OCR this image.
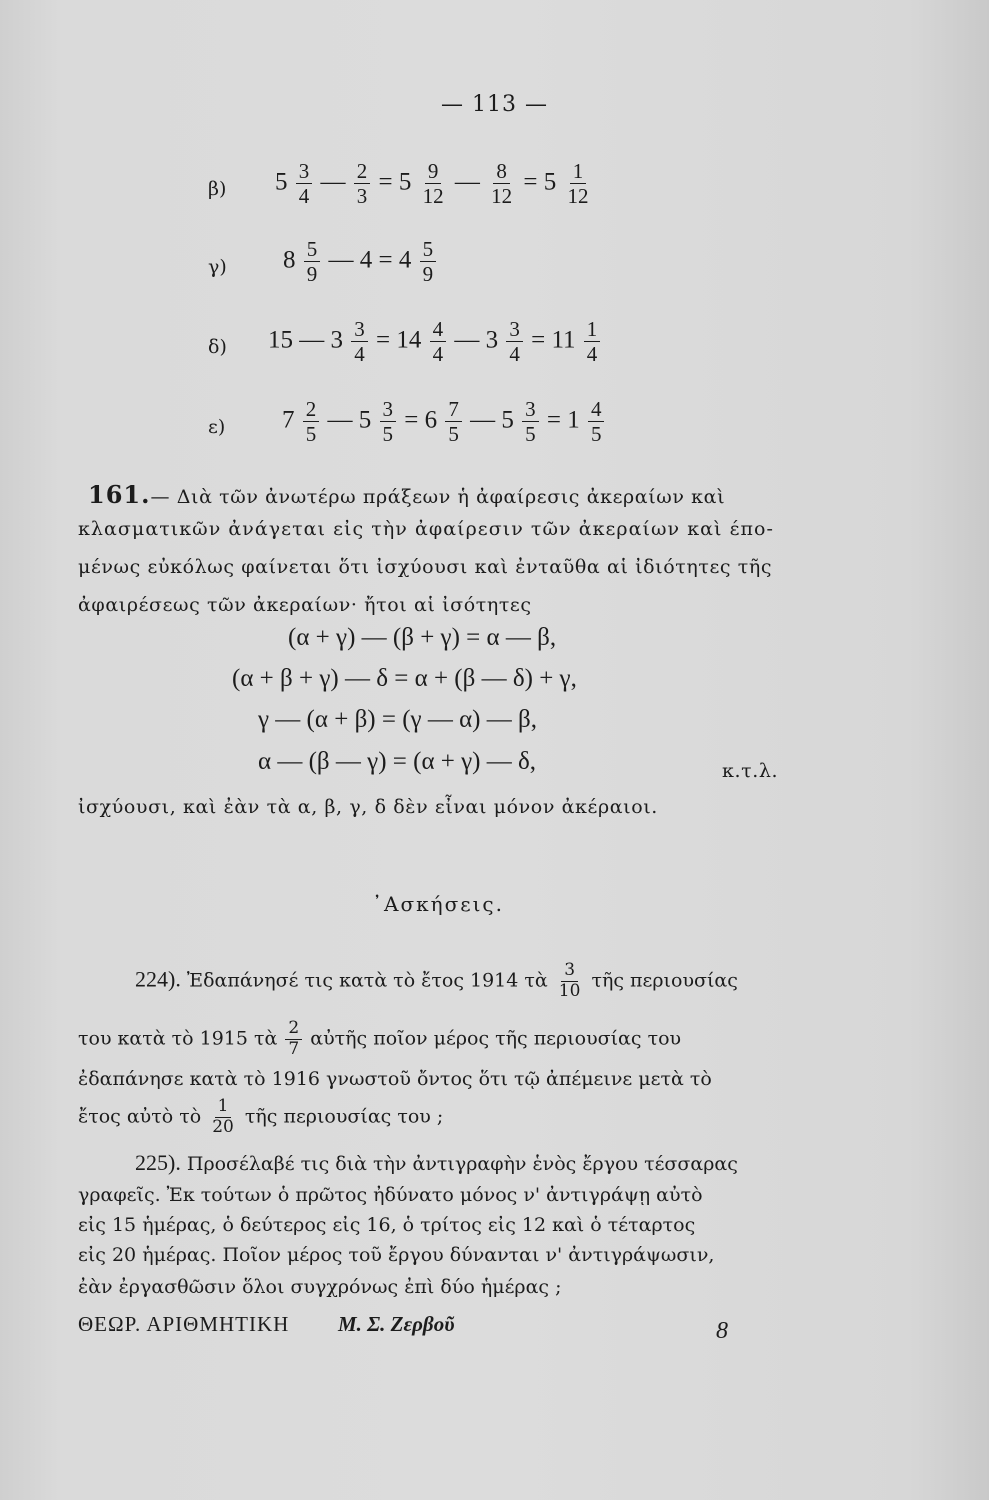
— 113 —
β) $5 \frac{3}{4}$ — $\frac{2}{3} = 5 \frac{9}{12}$ — $\frac{8}{12} = 5 \frac{1}{12}$
γ) $8 \frac{5}{9}$ — $4 = 4 \frac{5}{9}$
δ) 15 — $3 \frac{3}{4} = 14 \frac{4}{4}$ — $3 \frac{3}{4} = 11 \frac{1}{4}$
ε) $7 \frac{2}{5}$ — $5 \frac{3}{5} = 6 \frac{7}{5}$ — $5 \frac{3}{5} = 1 \frac{4}{5}$
161.— Διὰ τῶν ἀνωτέρω πράξεων ἡ ἀφαίρεσις ἀκεραίων καὶ
κλασματικῶν ἀνάγεται εἰς τὴν ἀφαίρεσιν τῶν ἀκεραίων καὶ έπο-
μένως εὐκόλως φαίνεται ὅτι ἰσχύουσι καὶ ἐνταῦθα αἱ ἰδιότητες τῆς
ἀφαιρέσεως τῶν ἀκεραίων· ἤτοι αἱ ἰσότητες
(α + γ) — (β + γ) = α — β,
(α + β + γ) — δ = α + (β — δ) + γ,
γ — (α + β) = (γ — α) — β,
α — (β — γ) = (α + γ) — δ,	κ.τ.λ.
ἰσχύουσι, καὶ ἐὰν τὰ α, β, γ, δ δὲν εἶναι μόνον ἀκέραιοι.
᾿Ασκήσεις.
224). Ἐδαπάνησέ τις κατὰ τὸ ἔτος 1914 τὰ $\frac{3}{10}$ τῆς περιουσίας
του κατὰ τὸ 1915 τὰ $\frac{2}{7}$ αὐτῆς ποῖον μέρος τῆς περιουσίας του
ἐδαπάνησε κατὰ τὸ 1916 γνωστοῦ ὄντος ὅτι τῷ ἀπέμεινε μετὰ τὸ
ἔτος αὐτὸ τὸ $\frac{1}{20}$ τῆς περιουσίας του ;
225). Προσέλαβέ τις διὰ τὴν ἀντιγραφὴν ἑνὸς ἔργου τέσσαρας
γραφεῖς. Ἐκ τούτων ὁ πρῶτος ἠδύνατο μόνος ν' ἀντιγράψῃ αὐτὸ
εἰς 15 ἡμέρας, ὁ δεύτερος εἰς 16, ὁ τρίτος εἰς 12 καὶ ὁ τέταρτος
εἰς 20 ἡμέρας. Ποῖον μέρος τοῦ ἔργου δύνανται ν' ἀντιγράψωσιν,
ἐὰν ἐργασθῶσιν ὅλοι συγχρόνως ἐπὶ δύο ἡμέρας ;
ΘΕΩΡ. ΑΡΙΘΜΗΤΙΚΗ Μ. Σ. Ζερβοῦ	8
